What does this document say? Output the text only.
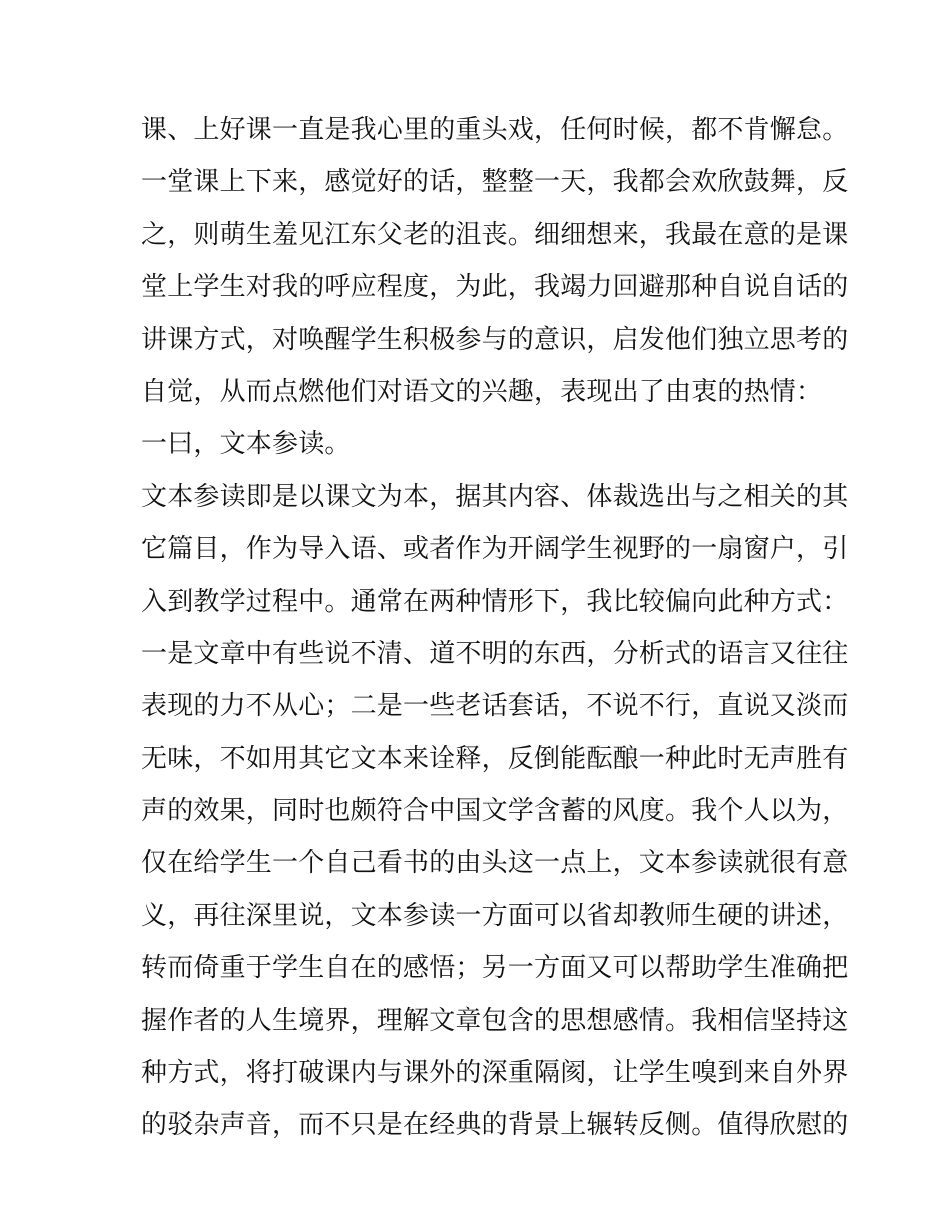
课、上好课一直是我心里的重头戏，任何时候，都不肯懈怠。
一堂课上下来，感觉好的话，整整一天，我都会欢欣鼓舞，反
之，则萌生羞见江东父老的沮丧。细细想来，我最在意的是课
堂上学生对我的呼应程度，为此，我竭力回避那种自说自话的
讲课方式，对唤醒学生积极参与的意识，启发他们独立思考的
自觉，从而点燃他们对语文的兴趣，表现出了由衷的热情：
一曰，文本参读。
文本参读即是以课文为本，据其内容、体裁选出与之相关的其
它篇目，作为导入语、或者作为开阔学生视野的一扇窗户，引
入到教学过程中。通常在两种情形下，我比较偏向此种方式：
一是文章中有些说不清、道不明的东西，分析式的语言又往往
表现的力不从心；二是一些老话套话，不说不行，直说又淡而
无味，不如用其它文本来诠释，反倒能酝酿一种此时无声胜有
声的效果，同时也颇符合中国文学含蓄的风度。我个人以为，
仅在给学生一个自己看书的由头这一点上，文本参读就很有意
义，再往深里说，文本参读一方面可以省却教师生硬的讲述，
转而倚重于学生自在的感悟；另一方面又可以帮助学生准确把
握作者的人生境界，理解文章包含的思想感情。我相信坚持这
种方式，将打破课内与课外的深重隔阂，让学生嗅到来自外界
的驳杂声音，而不只是在经典的背景上辗转反侧。值得欣慰的
